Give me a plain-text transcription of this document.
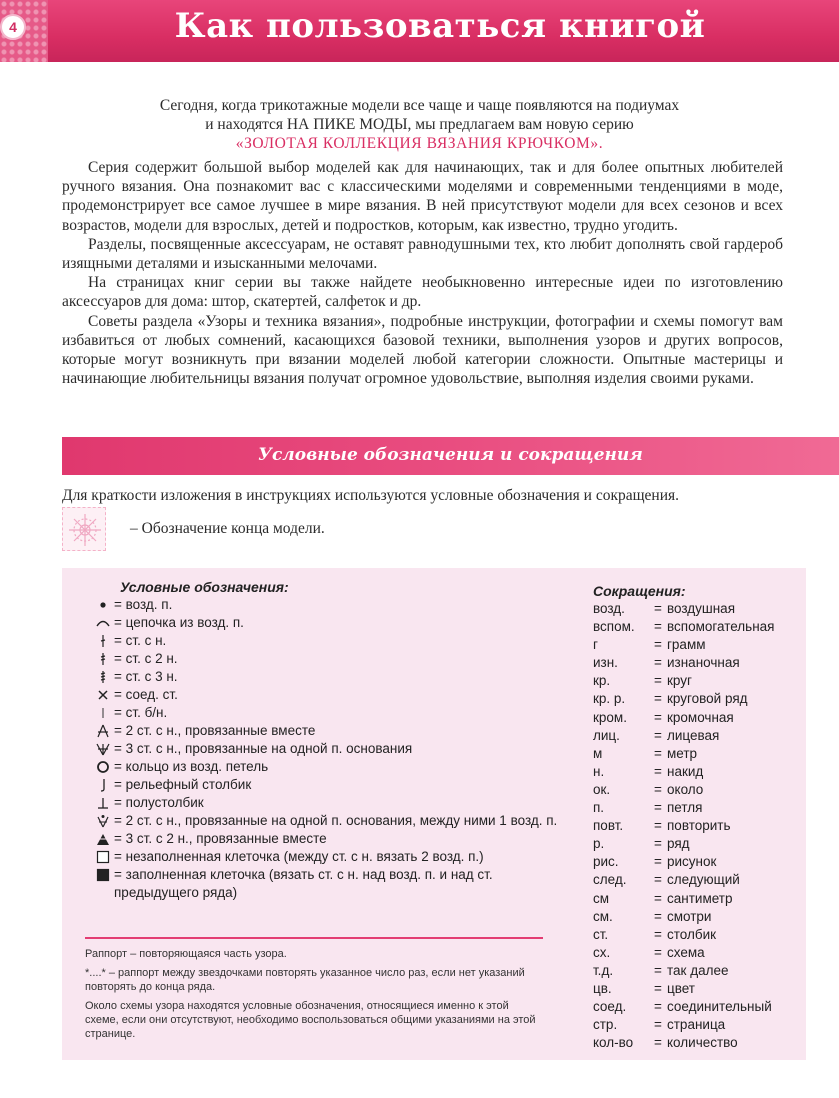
4	Как пользоваться книгой
Сегодня, когда трикотажные модели все чаще и чаще появляются на подиумах
и находятся НА ПИКЕ МОДЫ, мы предлагаем вам новую серию
«ЗОЛОТАЯ КОЛЛЕКЦИЯ ВЯЗАНИЯ КРЮЧКОМ».

Серия содержит большой выбор моделей как для начинающих, так и для более опытных любителей ручного вязания. Она познакомит вас с классическими моделями и современными тенденциями в моде, продемонстрирует все самое лучшее в мире вязания. В ней присутствуют модели для всех сезонов и всех возрастов, модели для взрослых, детей и подростков, которым, как известно, трудно угодить.

Разделы, посвященные аксессуарам, не оставят равнодушными тех, кто любит дополнять свой гардероб изящными деталями и изысканными мелочами.

На страницах книг серии вы также найдете необыкновенно интересные идеи по изготовлению аксессуаров для дома: штор, скатертей, салфеток и др.

Советы раздела «Узоры и техника вязания», подробные инструкции, фотографии и схемы помогут вам избавиться от любых сомнений, касающихся базовой техники, выполнения узоров и других вопросов, которые могут возникнуть при вязании моделей любой категории сложности. Опытные мастерицы и начинающие любительницы вязания получат огромное удовольствие, выполняя изделия своими руками.

Условные обозначения и сокращения
Для краткости изложения в инструкциях используются условные обозначения и сокращения.
– Обозначение конца модели.
Условные обозначения:
= возд. п.
= цепочка из возд. п.
= ст. с н.
= ст. с 2 н.
= ст. с 3 н.
= соед. ст.
= ст. б/н.
= 2 ст. с н., провязанные вместе
= 3 ст. с н., провязанные на одной п. основания
= кольцо из возд. петель
= рельефный столбик
= полустолбик
= 2 ст. с н., провязанные на одной п. основания, между ними 1 возд. п.
= 3 ст. с 2 н., провязанные вместе
= незаполненная клеточка (между ст. с н. вязать 2 возд. п.)
= заполненная клеточка (вязать ст. с н. над возд. п. и над ст. предыдущего ряда)

Раппорт – повторяющаяся часть узора.

*....* – раппорт между звездочками повторять указанное число раз, если нет указаний повторять до конца ряда.

Около схемы узора находятся условные обозначения, относящиеся именно к этой схеме, если они отсутствуют, необходимо воспользоваться общими указаниями на этой странице.

Сокращения:
возд.	= воздушная
вспом.	= вспомогательная
г	= грамм
изн.	= изнаночная
кр.	= круг
кр. р.	= круговой ряд
кром.	= кромочная
лиц.	= лицевая
м	= метр
н.	= накид
ок.	= около
п.	= петля
повт.	= повторить
р.	= ряд
рис.	= рисунок
след.	= следующий
см	= сантиметр
см.	= смотри
ст.	= столбик
сх.	= схема
т.д.	= так далее
цв.	= цвет
соед.	= соединительный
стр.	= страница
кол-во	= количество
